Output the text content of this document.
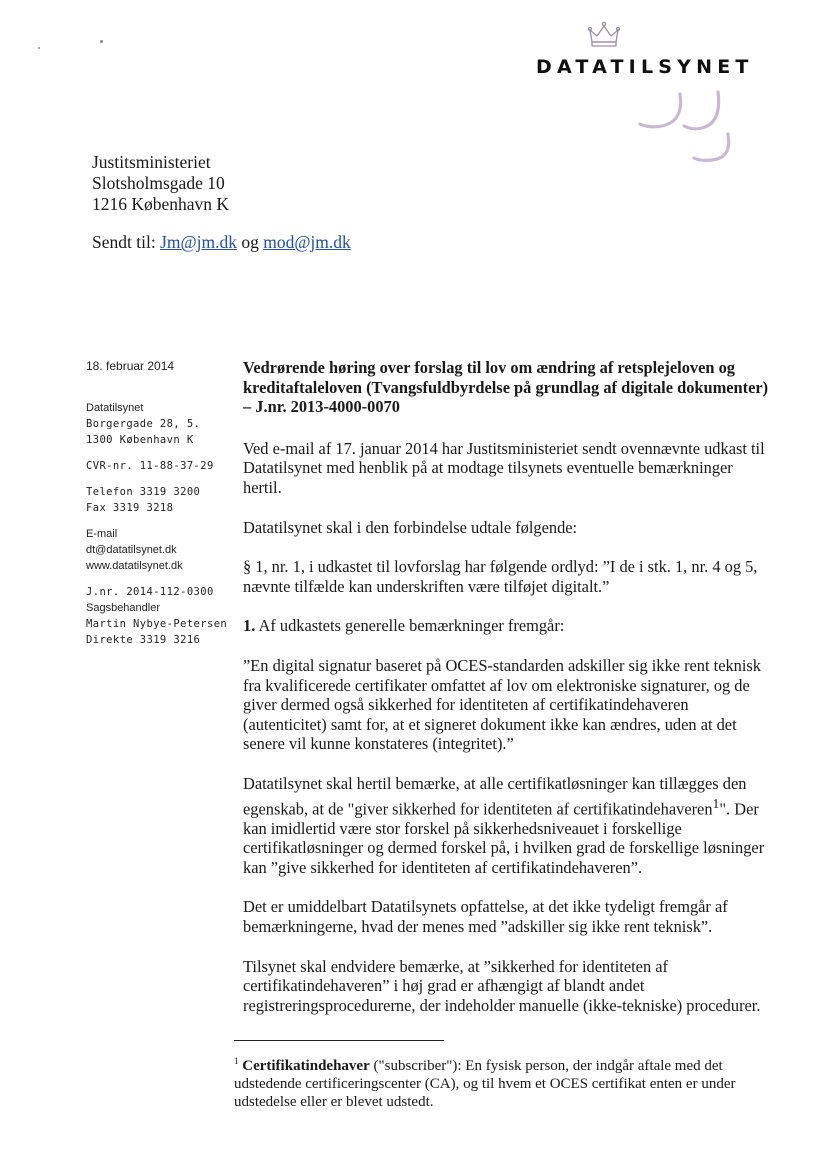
DATATILSYNET
Justitsministeriet
Slotsholmsgade 10
1216 København K
Sendt til: Jm@jm.dk og mod@jm.dk
18. februar 2014
Datatilsynet
Borgergade 28, 5.
1300 København K
CVR-nr. 11-88-37-29
Telefon 3319 3200
Fax 3319 3218
E-mail
dt@datatilsynet.dk
www.datatilsynet.dk
J.nr. 2014-112-0300
Sagsbehandler
Martin Nybye-Petersen
Direkte 3319 3216

Vedrørende høring over forslag til lov om ændring af retsplejeloven og kreditaftaleloven (Tvangsfuldbyrdelse på grundlag af digitale dokumenter) – J.nr. 2013-4000-0070

Ved e-mail af 17. januar 2014 har Justitsministeriet sendt ovennævnte udkast til Datatilsynet med henblik på at modtage tilsynets eventuelle bemærkninger hertil.

Datatilsynet skal i den forbindelse udtale følgende:

§ 1, nr. 1, i udkastet til lovforslag har følgende ordlyd: ”I de i stk. 1, nr. 4 og 5, nævnte tilfælde kan underskriften være tilføjet digitalt.”

1. Af udkastets generelle bemærkninger fremgår:

”En digital signatur baseret på OCES-standarden adskiller sig ikke rent teknisk fra kvalificerede certifikater omfattet af lov om elektroniske signaturer, og de giver dermed også sikkerhed for identiteten af certifikatindehaveren (autenticitet) samt for, at et signeret dokument ikke kan ændres, uden at det senere vil kunne konstateres (integritet).”

Datatilsynet skal hertil bemærke, at alle certifikatløsninger kan tillægges den egenskab, at de "giver sikkerhed for identiteten af certifikatindehaveren$^1$". Der kan imidlertid være stor forskel på sikkerhedsniveauet i forskellige certifikatløsninger og dermed forskel på, i hvilken grad de forskellige løsninger kan ”give sikkerhed for identiteten af certifikatindehaveren”.

Det er umiddelbart Datatilsynets opfattelse, at det ikke tydeligt fremgår af bemærkningerne, hvad der menes med ”adskiller sig ikke rent teknisk”.

Tilsynet skal endvidere bemærke, at ”sikkerhed for identiteten af certifikatindehaveren” i høj grad er afhængigt af blandt andet registreringsprocedurerne, der indeholder manuelle (ikke-tekniske) procedurer.

$^1$ Certifikatindehaver ("subscriber"): En fysisk person, der indgår aftale med det udstedende certificeringscenter (CA), og til hvem et OCES certifikat enten er under udstedelse eller er blevet udstedt.
